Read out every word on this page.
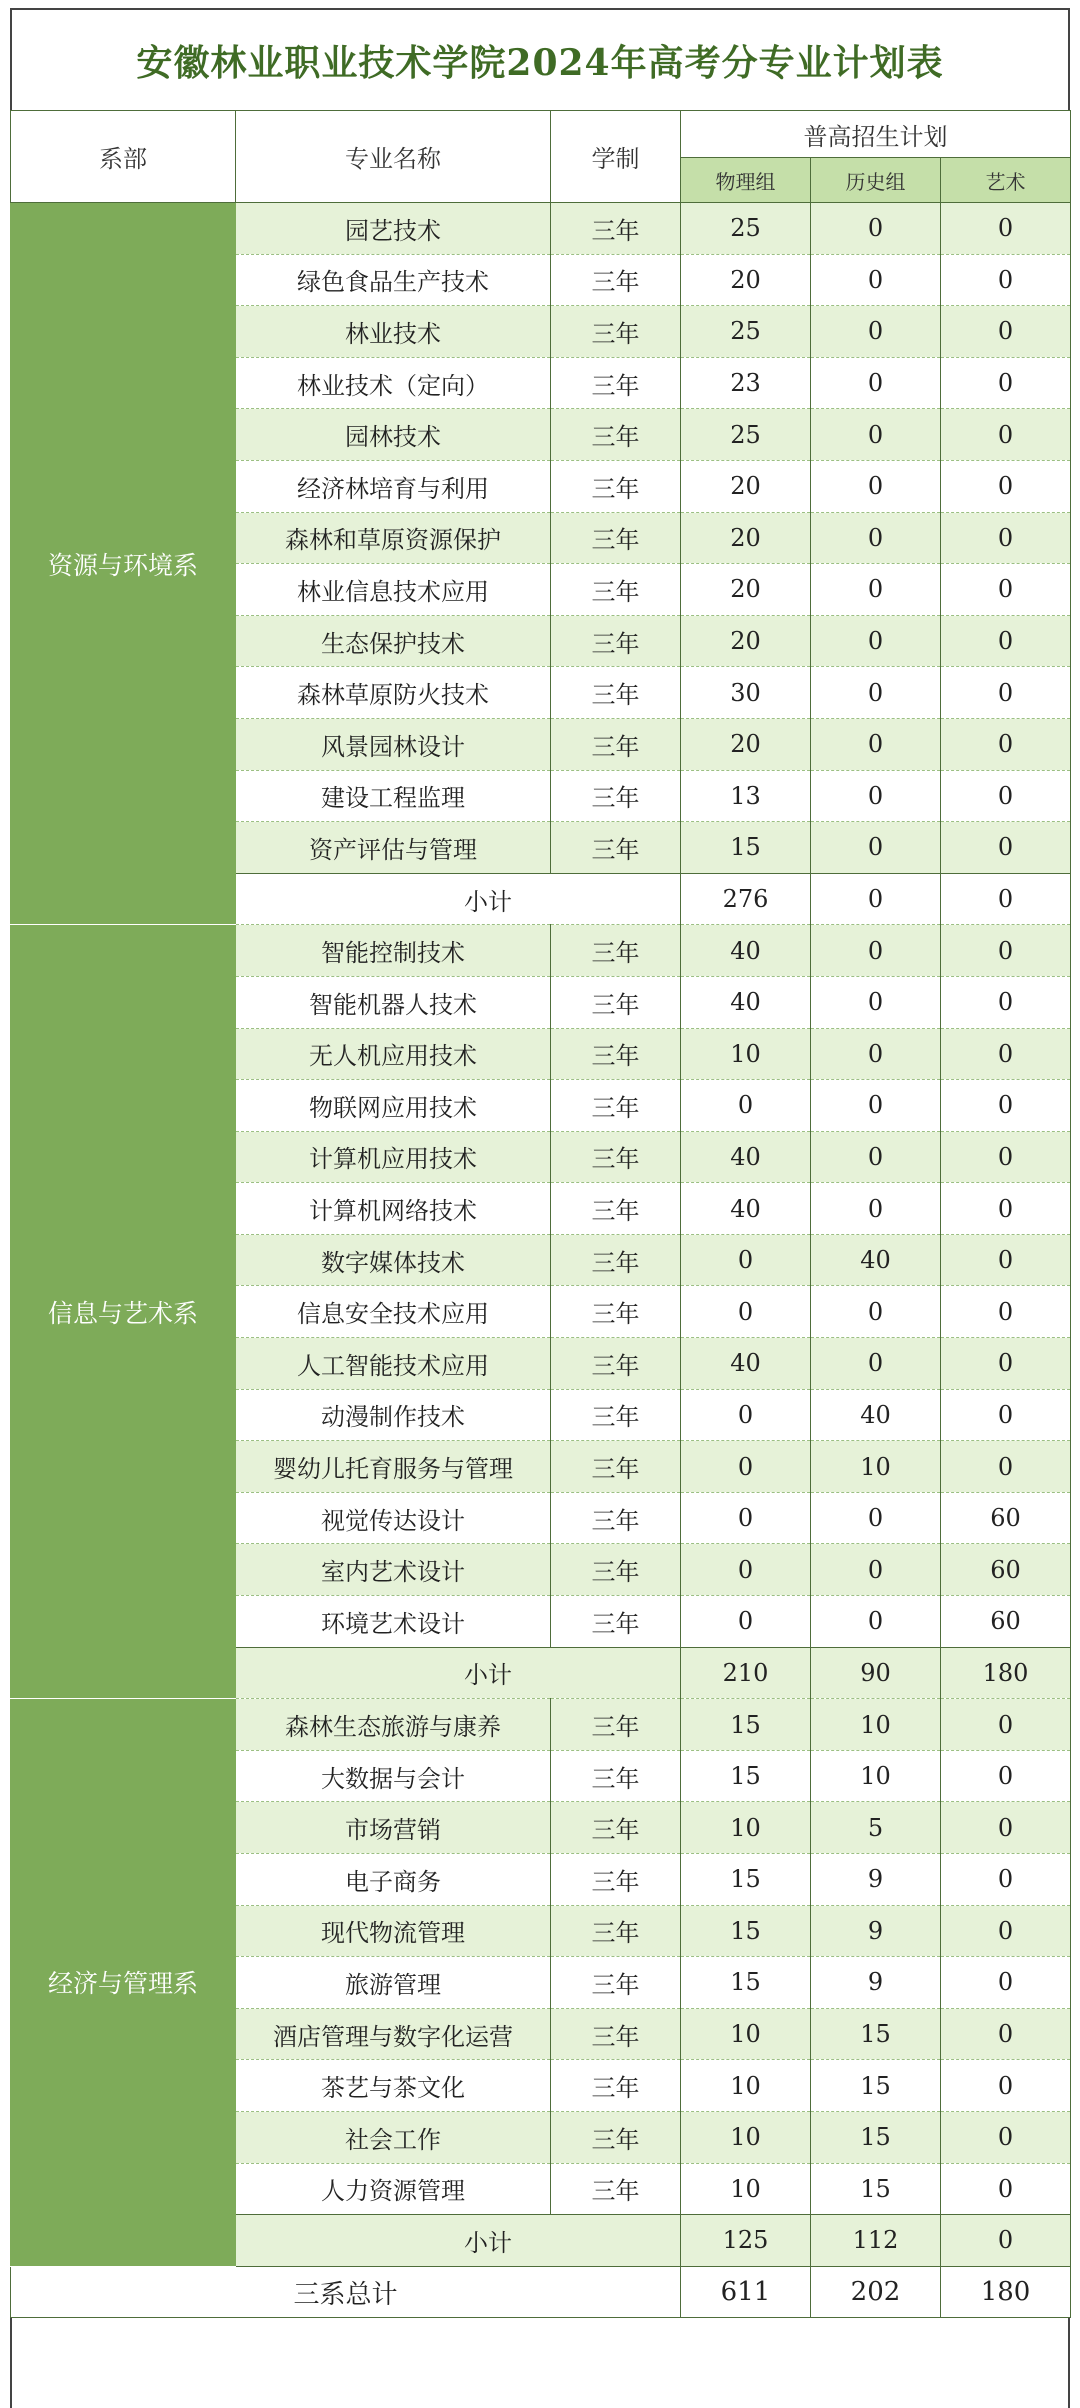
安徽林业职业技术学院2024年高考分专业计划表
系部	专业名称	学制	普高招生计划		
			物理组	历史组	艺术
资源与环境系	园艺技术	三年	25	0	0
	绿色食品生产技术	三年	20	0	0
	林业技术	三年	25	0	0
	林业技术（定向）	三年	23	0	0
	园林技术	三年	25	0	0
	经济林培育与利用	三年	20	0	0
	森林和草原资源保护	三年	20	0	0
	林业信息技术应用	三年	20	0	0
	生态保护技术	三年	20	0	0
	森林草原防火技术	三年	30	0	0
	风景园林设计	三年	20	0	0
	建设工程监理	三年	13	0	0
	资产评估与管理	三年	15	0	0
	小计		276	0	0
信息与艺术系	智能控制技术	三年	40	0	0
	智能机器人技术	三年	40	0	0
	无人机应用技术	三年	10	0	0
	物联网应用技术	三年	0	0	0
	计算机应用技术	三年	40	0	0
	计算机网络技术	三年	40	0	0
	数字媒体技术	三年	0	40	0
	信息安全技术应用	三年	0	0	0
	人工智能技术应用	三年	40	0	0
	动漫制作技术	三年	0	40	0
	婴幼儿托育服务与管理	三年	0	10	0
	视觉传达设计	三年	0	0	60
	室内艺术设计	三年	0	0	60
	环境艺术设计	三年	0	0	60
	小计		210	90	180
经济与管理系	森林生态旅游与康养	三年	15	10	0
	大数据与会计	三年	15	10	0
	市场营销	三年	10	5	0
	电子商务	三年	15	9	0
	现代物流管理	三年	15	9	0
	旅游管理	三年	15	9	0
	酒店管理与数字化运营	三年	10	15	0
	茶艺与茶文化	三年	10	15	0
	社会工作	三年	10	15	0
	人力资源管理	三年	10	15	0
	小计		125	112	0
三系总计			611	202	180
